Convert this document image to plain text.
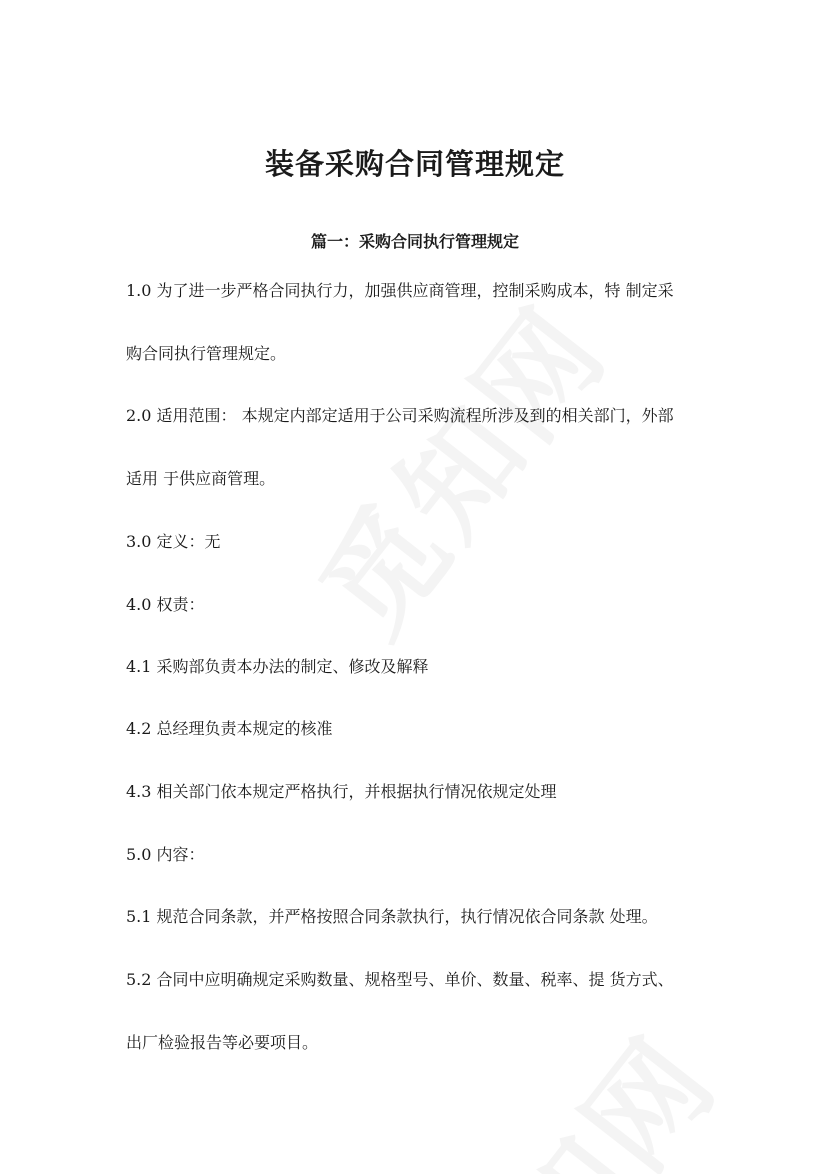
装备采购合同管理规定
篇一：采购合同执行管理规定
1.0 为了进一步严格合同执行力，加强供应商管理，控制采购成本，特 制定采
购合同执行管理规定。
2.0 适用范围： 本规定内部定适用于公司采购流程所涉及到的相关部门，外部
适用 于供应商管理。
3.0 定义：无
4.0 权责：
4.1 采购部负责本办法的制定、修改及解释
4.2 总经理负责本规定的核准
4.3 相关部门依本规定严格执行，并根据执行情况依规定处理
5.0 内容：
5.1 规范合同条款，并严格按照合同条款执行，执行情况依合同条款 处理。
5.2 合同中应明确规定采购数量、规格型号、单价、数量、税率、提 货方式、
出厂检验报告等必要项目。
